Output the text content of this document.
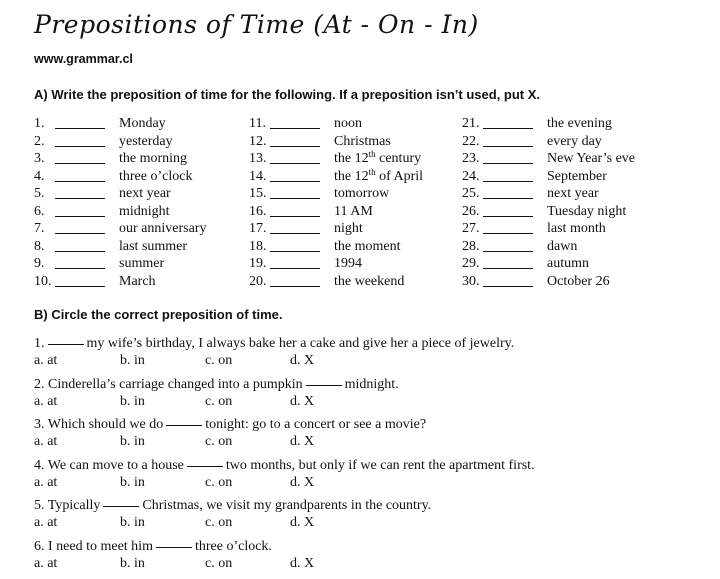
Prepositions of Time (At - On - In)
www.grammar.cl
A) Write the preposition of time for the following. If a preposition isn’t used, put X.
1.	Monday
2.	yesterday
3.	the morning
4.	three o’clock
5.	next year
6.	midnight
7.	our anniversary
8.	last summer
9.	summer
10.	March
11.	noon
12.	Christmas
13.	the 12th century
14.	the 12th of April
15.	tomorrow
16.	11 AM
17.	night
18.	the moment
19.	1994
20.	the weekend
21.	the evening
22.	every day
23.	New Year’s eve
24.	September
25.	next year
26.	Tuesday night
27.	last month
28.	dawn
29.	autumn
30.	October 26
B) Circle the correct preposition of time.
1.	my wife’s birthday, I always bake her a cake and give her a piece of jewelry.
a. at	b. in	c. on	d. X
2. Cinderella’s carriage changed into a pumpkin	midnight.
a. at	b. in	c. on	d. X
3. Which should we do	tonight: go to a concert or see a movie?
a. at	b. in	c. on	d. X
4. We can move to a house	two months, but only if we can rent the apartment first.
a. at	b. in	c. on	d. X
5. Typically	Christmas, we visit my grandparents in the country.
a. at	b. in	c. on	d. X
6. I need to meet him	three o’clock.
a. at	b. in	c. on	d. X
